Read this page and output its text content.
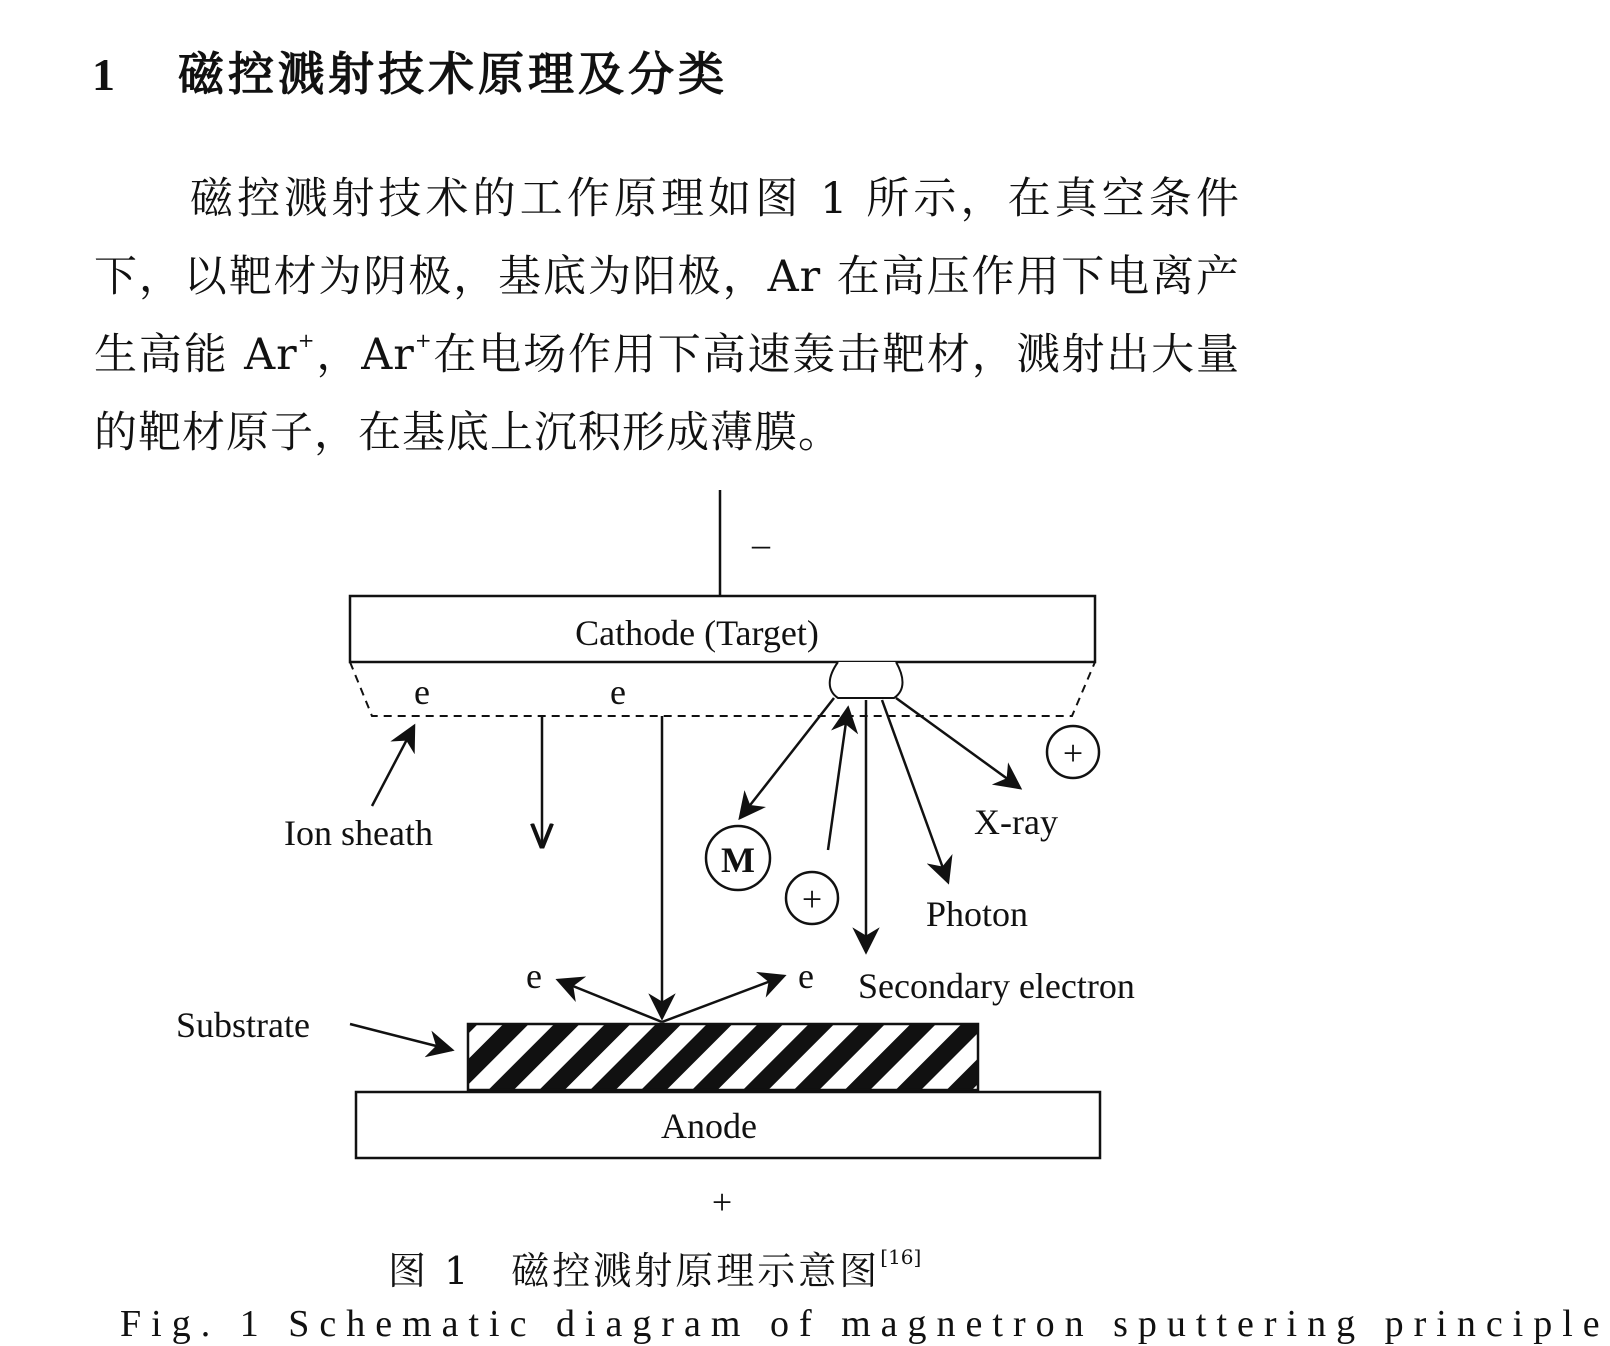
1 磁控溅射技术原理及分类
磁控溅射技术的工作原理如图 1 所示，在真空条件下，以靶材为阴极，基底为阳极，Ar 在高压作用下电离产生高能 Ar+，Ar+在电场作用下高速轰击靶材，溅射出大量的靶材原子，在基底上沉积形成薄膜。
–
Cathode (Target)
e	e
Ion sheath
+
M
+
X-ray
Photon
Secondary electron
e	e
Substrate
Anode
+
图 1 磁控溅射原理示意图[16]
Fig. 1 Schematic diagram of magnetron sputtering principle
